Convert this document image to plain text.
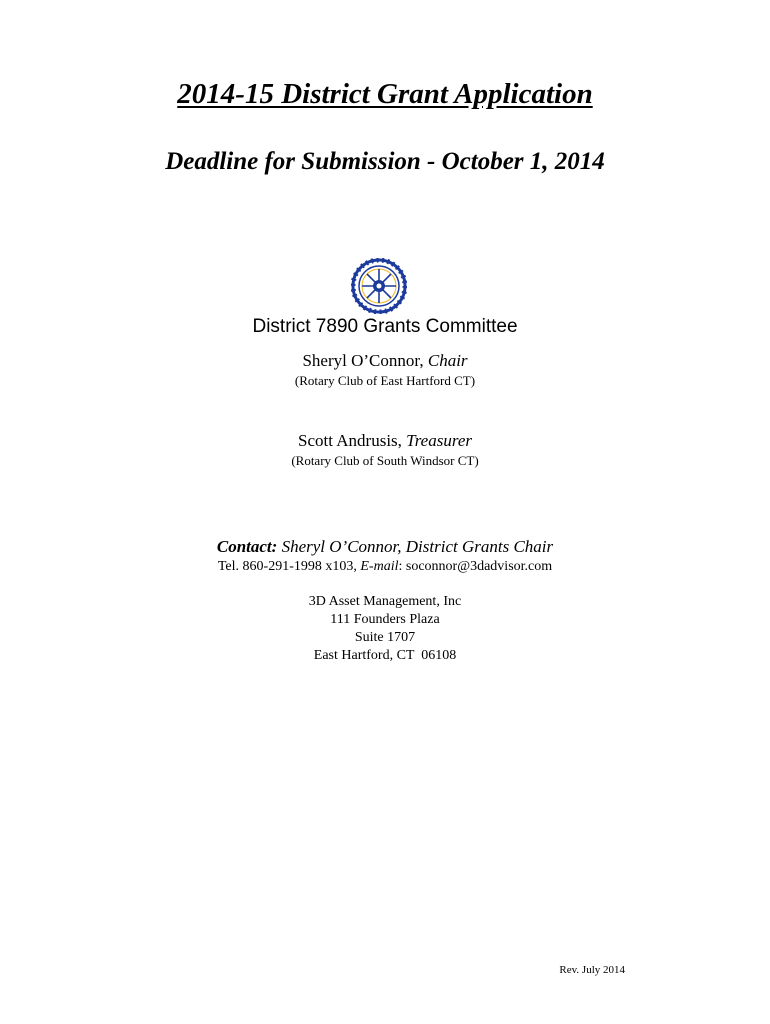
2014-15 District Grant Application
Deadline for Submission - October 1, 2014
District 7890 Grants Committee
Sheryl O’Connor, Chair
(Rotary Club of East Hartford CT)
Scott Andrusis, Treasurer
(Rotary Club of South Windsor CT)
Contact: Sheryl O’Connor, District Grants Chair
Tel. 860-291-1998 x103, E-mail: soconnor@3dadvisor.com
3D Asset Management, Inc
111 Founders Plaza
Suite 1707
East Hartford, CT  06108
Rev. July 2014
